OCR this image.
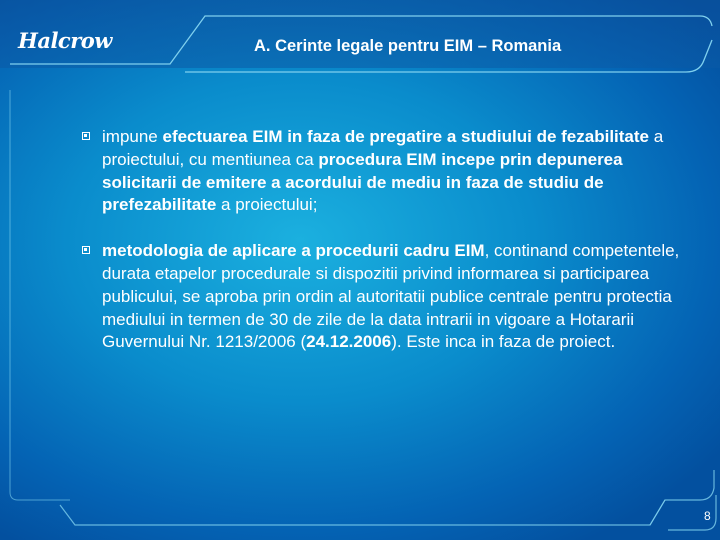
Halcrow	A. Cerinte legale pentru EIM – Romania
impune efectuarea EIM in faza de pregatire a studiului de fezabilitate a proiectului, cu mentiunea ca procedura EIM incepe prin depunerea solicitarii de emitere a acordului de mediu in faza de studiu de prefezabilitate a proiectului;
metodologia de aplicare a procedurii cadru EIM, continand competentele, durata etapelor procedurale si dispozitii privind informarea si participarea publicului, se aproba prin ordin al autoritatii publice centrale pentru protectia mediului in termen de 30 de zile de la data intrarii in vigoare a Hotararii Guvernului Nr. 1213/2006 (24.12.2006). Este inca in faza de proiect.
8
